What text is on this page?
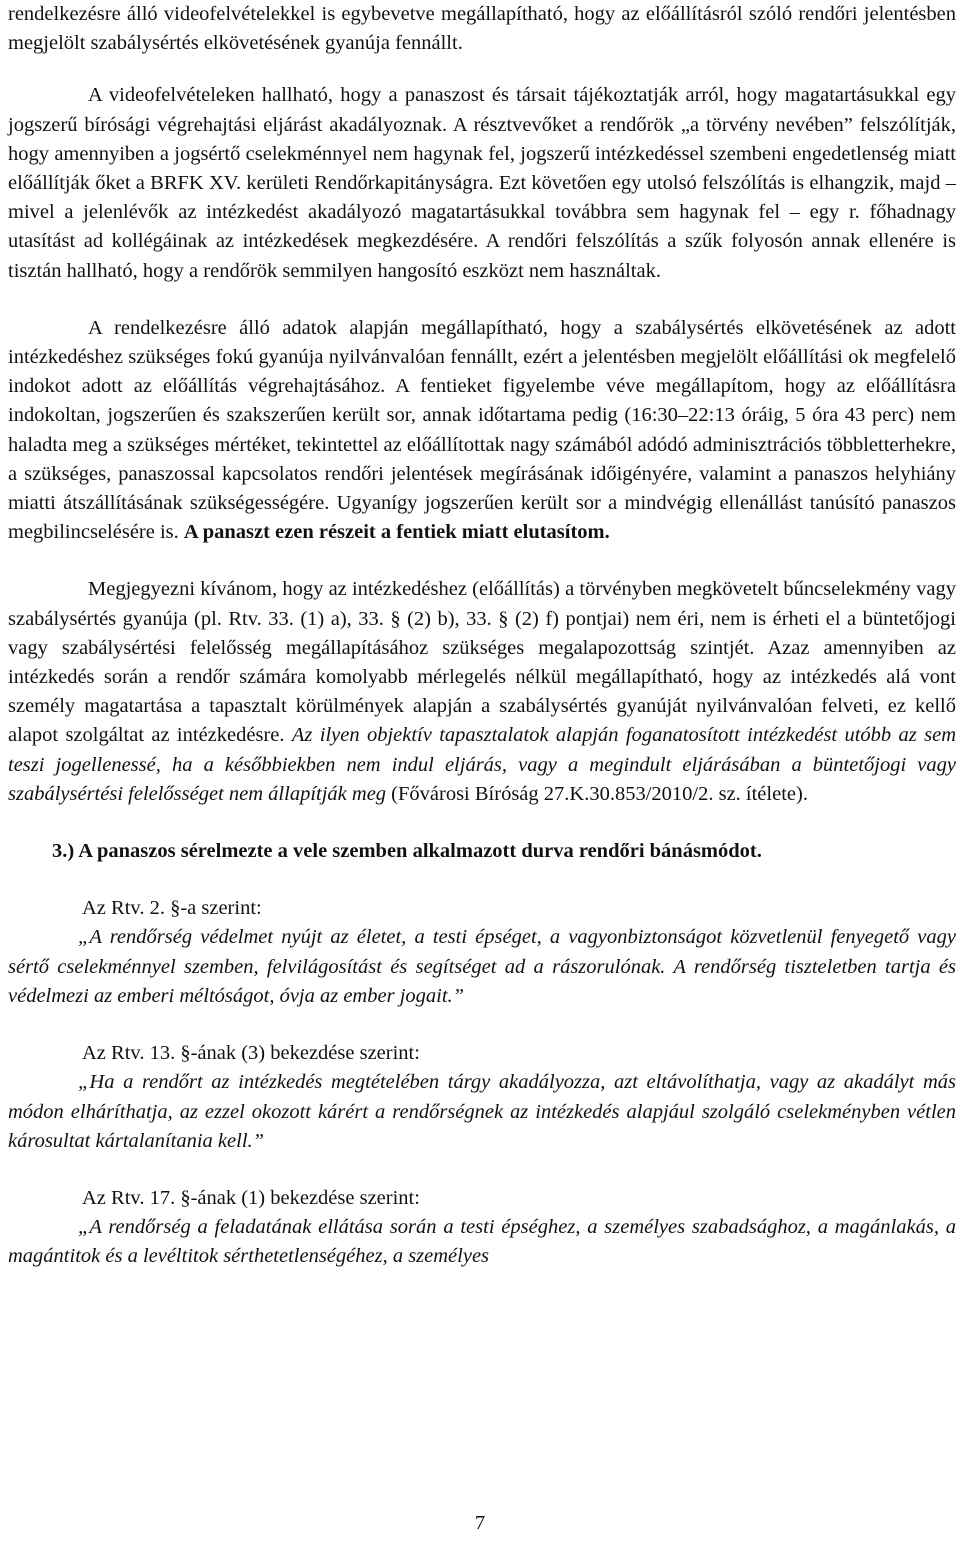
rendelkezésre álló videofelvételekkel is egybevetve megállapítható, hogy az előállításról szóló rendőri jelentésben megjelölt szabálysértés elkövetésének gyanúja fennállt.

A videofelvételeken hallható, hogy a panaszost és társait tájékoztatják arról, hogy magatartásukkal egy jogszerű bírósági végrehajtási eljárást akadályoznak. A résztvevőket a rendőrök „a törvény nevében” felszólítják, hogy amennyiben a jogsértő cselekménnyel nem hagynak fel, jogszerű intézkedéssel szembeni engedetlenség miatt előállítják őket a BRFK XV. kerületi Rendőrkapitányságra. Ezt követően egy utolsó felszólítás is elhangzik, majd – mivel a jelenlévők az intézkedést akadályozó magatartásukkal továbbra sem hagynak fel – egy r. főhadnagy utasítást ad kollégáinak az intézkedések megkezdésére. A rendőri felszólítás a szűk folyosón annak ellenére is tisztán hallható, hogy a rendőrök semmilyen hangosító eszközt nem használtak.

A rendelkezésre álló adatok alapján megállapítható, hogy a szabálysértés elkövetésének az adott intézkedéshez szükséges fokú gyanúja nyilvánvalóan fennállt, ezért a jelentésben megjelölt előállítási ok megfelelő indokot adott az előállítás végrehajtásához. A fentieket figyelembe véve megállapítom, hogy az előállításra indokoltan, jogszerűen és szakszerűen került sor, annak időtartama pedig (16:30–22:13 óráig, 5 óra 43 perc) nem haladta meg a szükséges mértéket, tekintettel az előállítottak nagy számából adódó adminisztrációs többletterhekre, a szükséges, panaszossal kapcsolatos rendőri jelentések megírásának időigényére, valamint a panaszos helyhiány miatti átszállításának szükségességére. Ugyanígy jogszerűen került sor a mindvégig ellenállást tanúsító panaszos megbilincselésére is. A panaszt ezen részeit a fentiek miatt elutasítom.

Megjegyezni kívánom, hogy az intézkedéshez (előállítás) a törvényben megkövetelt bűncselekmény vagy szabálysértés gyanúja (pl. Rtv. 33. (1) a), 33. § (2) b), 33. § (2) f) pontjai) nem éri, nem is érheti el a büntetőjogi vagy szabálysértési felelősség megállapításához szükséges megalapozottság szintjét. Azaz amennyiben az intézkedés során a rendőr számára komolyabb mérlegelés nélkül megállapítható, hogy az intézkedés alá vont személy magatartása a tapasztalt körülmények alapján a szabálysértés gyanúját nyilvánvalóan felveti, ez kellő alapot szolgáltat az intézkedésre. Az ilyen objektív tapasztalatok alapján foganatosított intézkedést utóbb az sem teszi jogellenessé, ha a későbbiekben nem indul eljárás, vagy a megindult eljárásában a büntetőjogi vagy szabálysértési felelősséget nem állapítják meg (Fővárosi Bíróság 27.K.30.853/2010/2. sz. ítélete).

3.) A panaszos sérelmezte a vele szemben alkalmazott durva rendőri bánásmódot.

Az Rtv. 2. §-a szerint:

„A rendőrség védelmet nyújt az életet, a testi épséget, a vagyonbiztonságot közvetlenül fenyegető vagy sértő cselekménnyel szemben, felvilágosítást és segítséget ad a rászorulónak. A rendőrség tiszteletben tartja és védelmezi az emberi méltóságot, óvja az ember jogait.”

Az Rtv. 13. §-ának (3) bekezdése szerint:

„Ha a rendőrt az intézkedés megtételében tárgy akadályozza, azt eltávolíthatja, vagy az akadályt más módon elháríthatja, az ezzel okozott kárért a rendőrségnek az intézkedés alapjául szolgáló cselekményben vétlen károsultat kártalanítania kell.”

Az Rtv. 17. §-ának (1) bekezdése szerint:

„A rendőrség a feladatának ellátása során a testi épséghez, a személyes szabadsághoz, a magánlakás, a magántitok és a levéltitok sérthetetlenségéhez, a személyes

7
